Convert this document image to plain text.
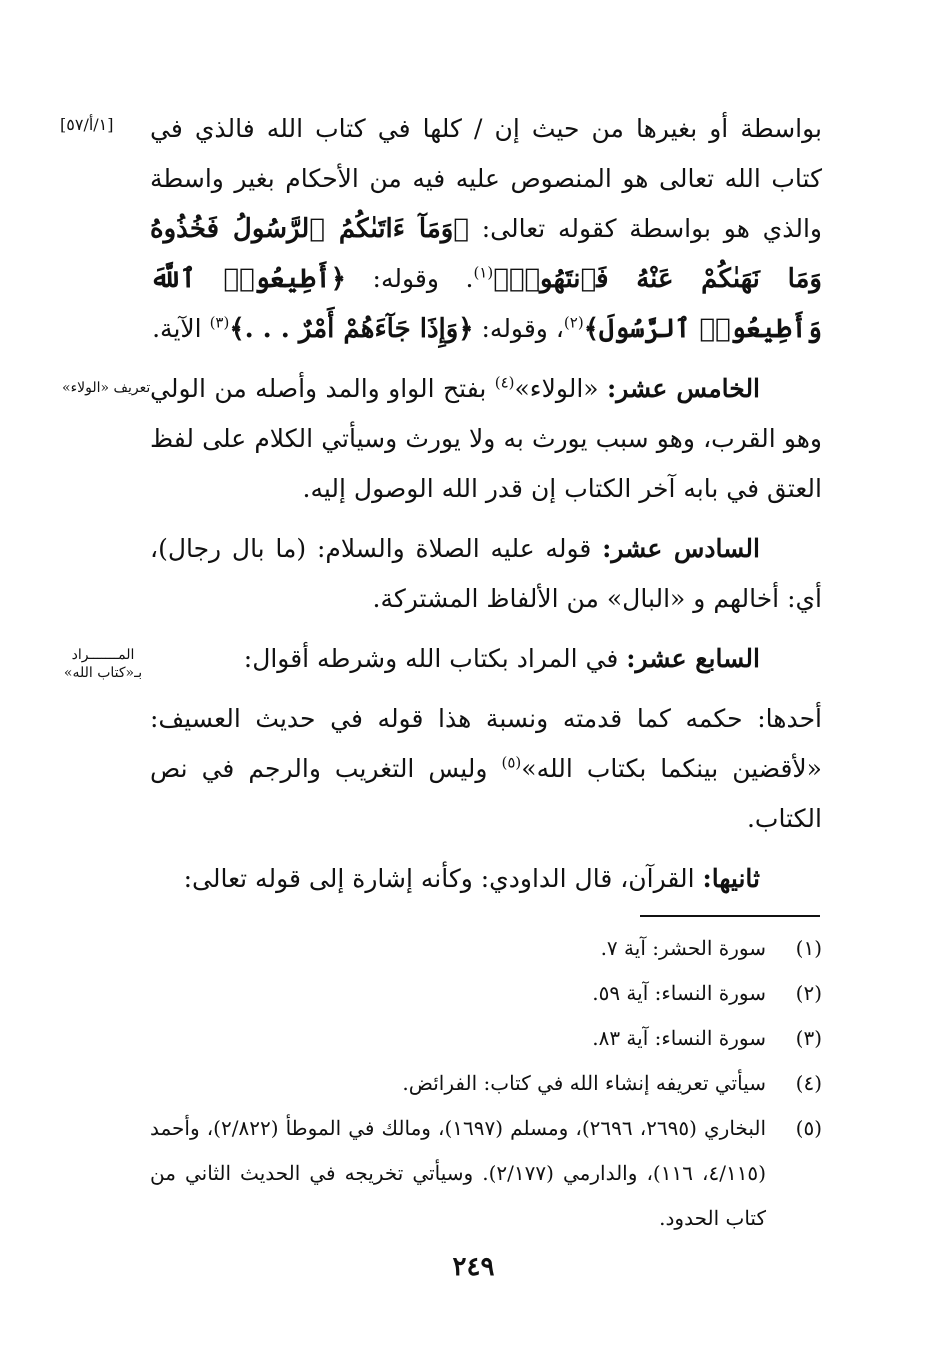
[١/أ/٥٧]
تعريف «الولاء»
المـــــــراد
بـ«كتاب الله»

بواسطة أو بغيرها من حيث إن / كلها في كتاب الله فالذي في كتاب الله تعالى هو المنصوص عليه فيه من الأحكام بغير واسطة والذي هو بواسطة كقوله تعالى: ﴿وَمَآ ءَاتَىٰكُمُ ٱلرَّسُولُ فَخُذُوهُ وَمَا نَهَىٰكُمْ عَنْهُ فَٱنتَهُوا۟﴾$^{(١)}$. وقوله: ﴿أَطِيعُوا۟ ٱللَّهَ وَأَطِيعُوا۟ ٱلرَّسُولَ﴾$^{(٢)}$، وقوله: ﴿وَإِذَا جَآءَهُمْ أَمْرٌ . . .﴾$^{(٣)}$ الآية.

الخامس عشر: «الولاء»$^{(٤)}$ بفتح الواو والمد وأصله من الولي وهو القرب، وهو سبب يورث به ولا يورث وسيأتي الكلام على لفظ العتق في بابه آخر الكتاب إن قدر الله الوصول إليه.

السادس عشر: قوله عليه الصلاة والسلام: (ما بال رجال)، أي: أخالهم و «البال» من الألفاظ المشتركة.

السابع عشر: في المراد بكتاب الله وشرطه أقوال:

أحدها: حكمه كما قدمته ونسبة هذا قوله في حديث العسيف: «لأقضين بينكما بكتاب الله»$^{(٥)}$ وليس التغريب والرجم في نص الكتاب.

ثانيها: القرآن، قال الداودي: وكأنه إشارة إلى قوله تعالى:

(١)
سورة الحشر: آية ٧.
(٢)
سورة النساء: آية ٥٩.
(٣)
سورة النساء: آية ٨٣.
(٤)
سيأتي تعريفه إنشاء الله في كتاب: الفرائض.
(٥)
البخاري (٢٦٩٥، ٢٦٩٦)، ومسلم (١٦٩٧)، ومالك في الموطأ (٢/٨٢٢)، وأحمد (٤/١١٥، ١١٦)، والدارمي (٢/١٧٧). وسيأتي تخريجه في الحديث الثاني من كتاب الحدود.
٢٤٩
